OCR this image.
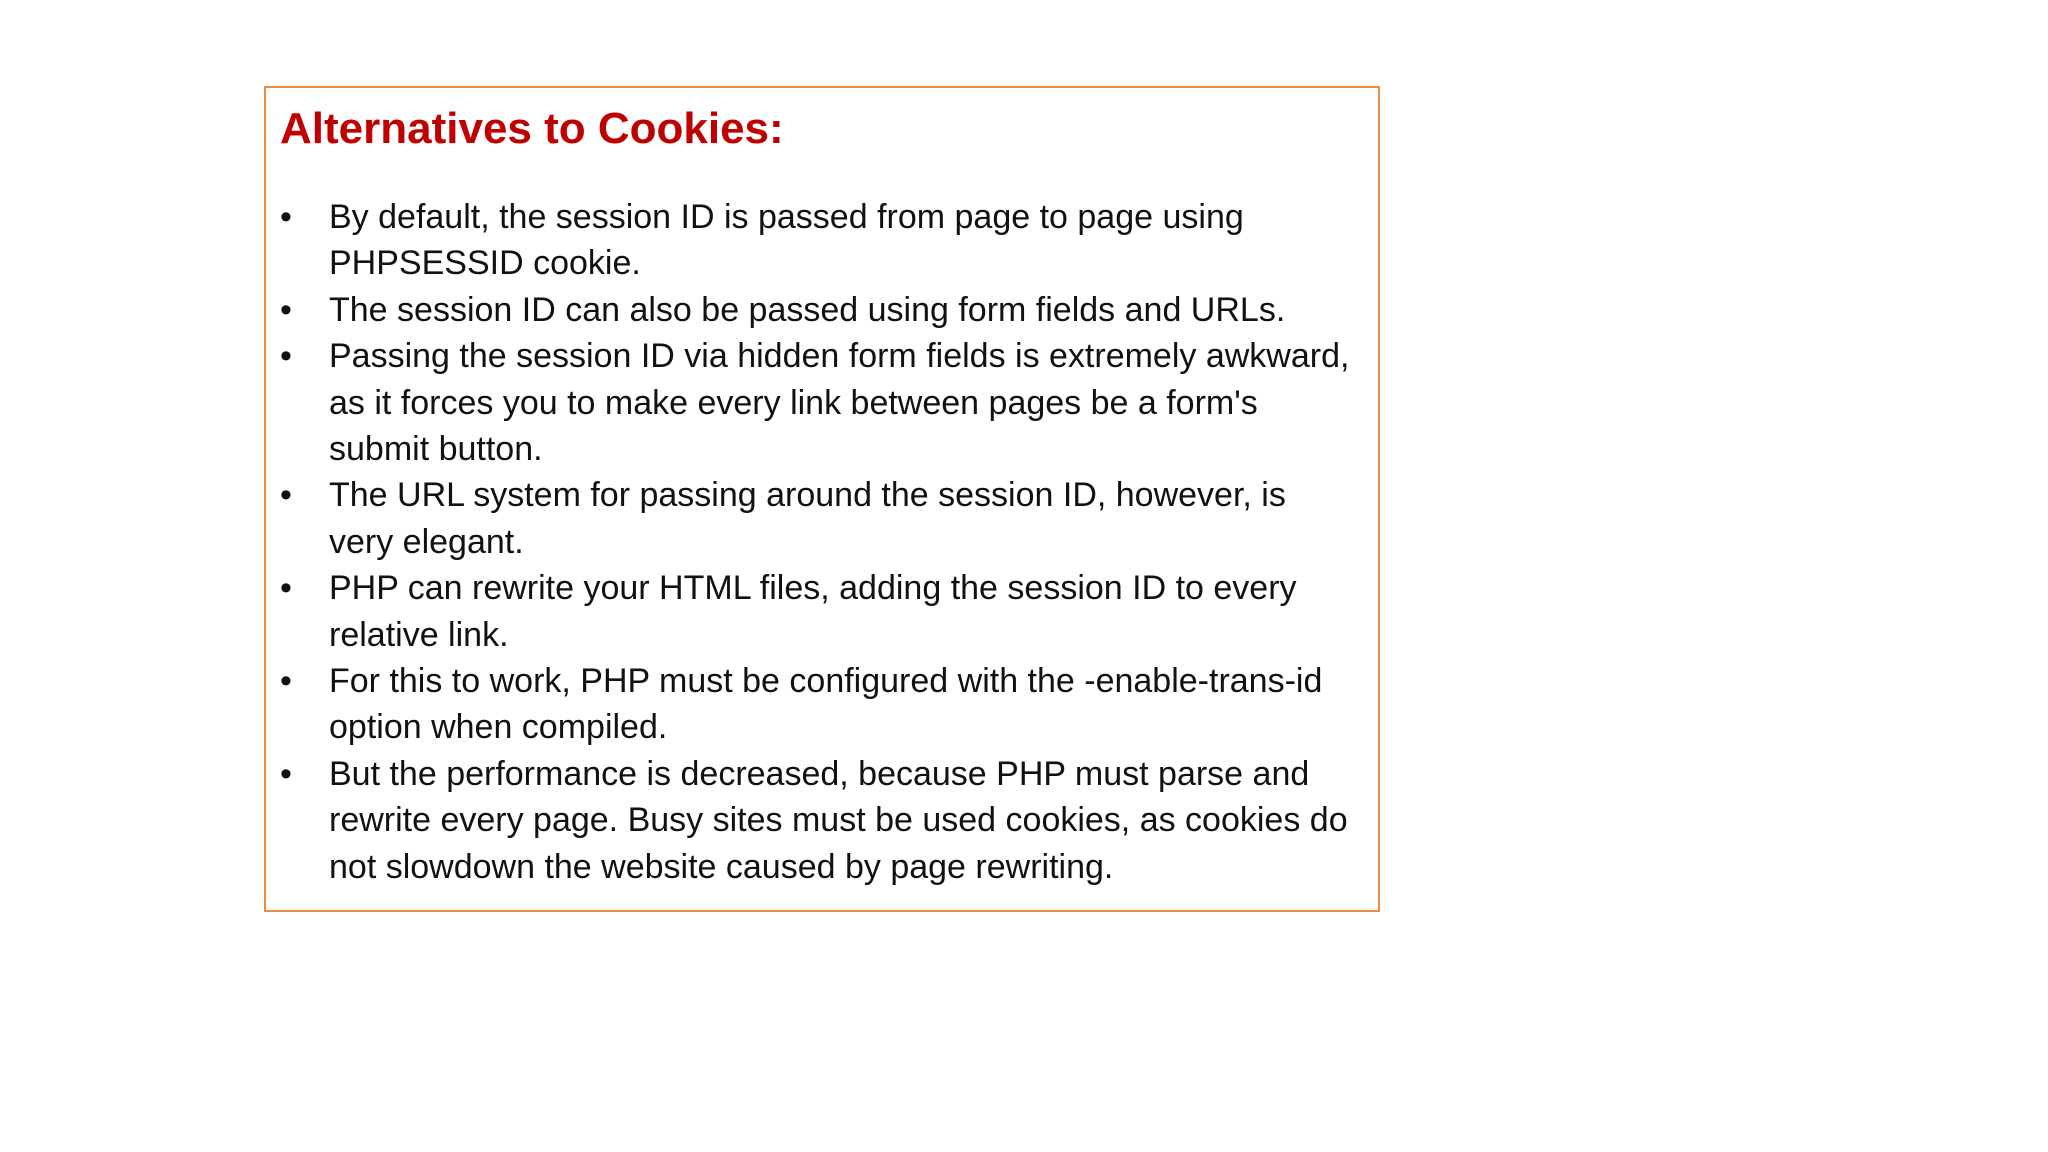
Alternatives to Cookies:
• By default, the session ID is passed from page to page using PHPSESSID cookie.
• The session ID can also be passed using form fields and URLs.
• Passing the session ID via hidden form fields is extremely awkward, as it forces you to make every link between pages be a form's submit button.
• The URL system for passing around the session ID, however, is very elegant.
• PHP can rewrite your HTML files, adding the session ID to every relative link.
• For this to work, PHP must be configured with the -enable-trans-id option when compiled.
• But the performance is decreased, because PHP must parse and rewrite every page. Busy sites must be used cookies, as cookies do not slowdown the website caused by page rewriting.
